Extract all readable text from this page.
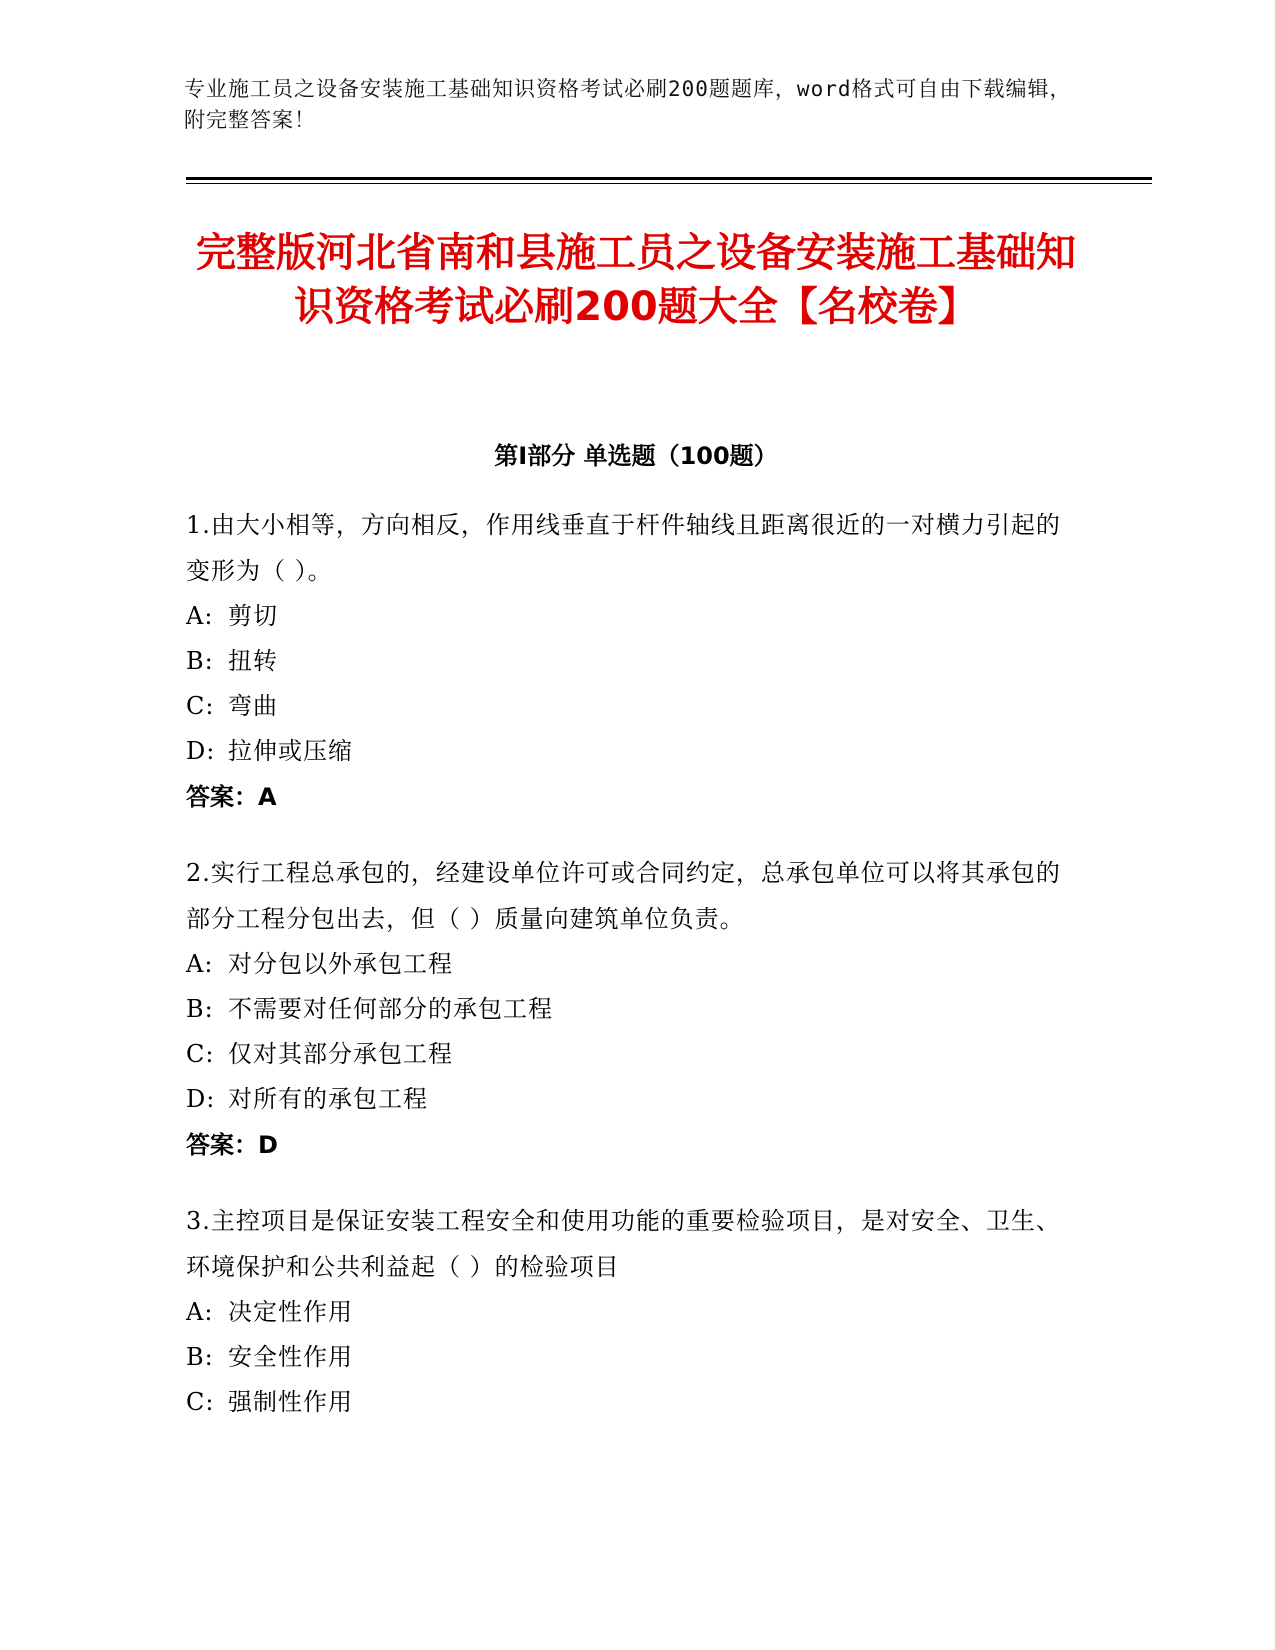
专业施工员之设备安装施工基础知识资格考试必刷200题题库，word格式可自由下载编辑，附完整答案！
完整版河北省南和县施工员之设备安装施工基础知识资格考试必刷200题大全【名校卷】
第Ⅰ部分 单选题（100题）

1.由大小相等，方向相反，作用线垂直于杆件轴线且距离很近的一对横力引起的变形为（ ）。

A: 剪切

B: 扭转

C: 弯曲

D: 拉伸或压缩

答案：A

2.实行工程总承包的，经建设单位许可或合同约定，总承包单位可以将其承包的部分工程分包出去，但（ ）质量向建筑单位负责。

A: 对分包以外承包工程

B: 不需要对任何部分的承包工程

C: 仅对其部分承包工程

D: 对所有的承包工程

答案：D

3.主控项目是保证安装工程安全和使用功能的重要检验项目，是对安全、卫生、环境保护和公共利益起（ ）的检验项目

A: 决定性作用

B: 安全性作用

C: 强制性作用
